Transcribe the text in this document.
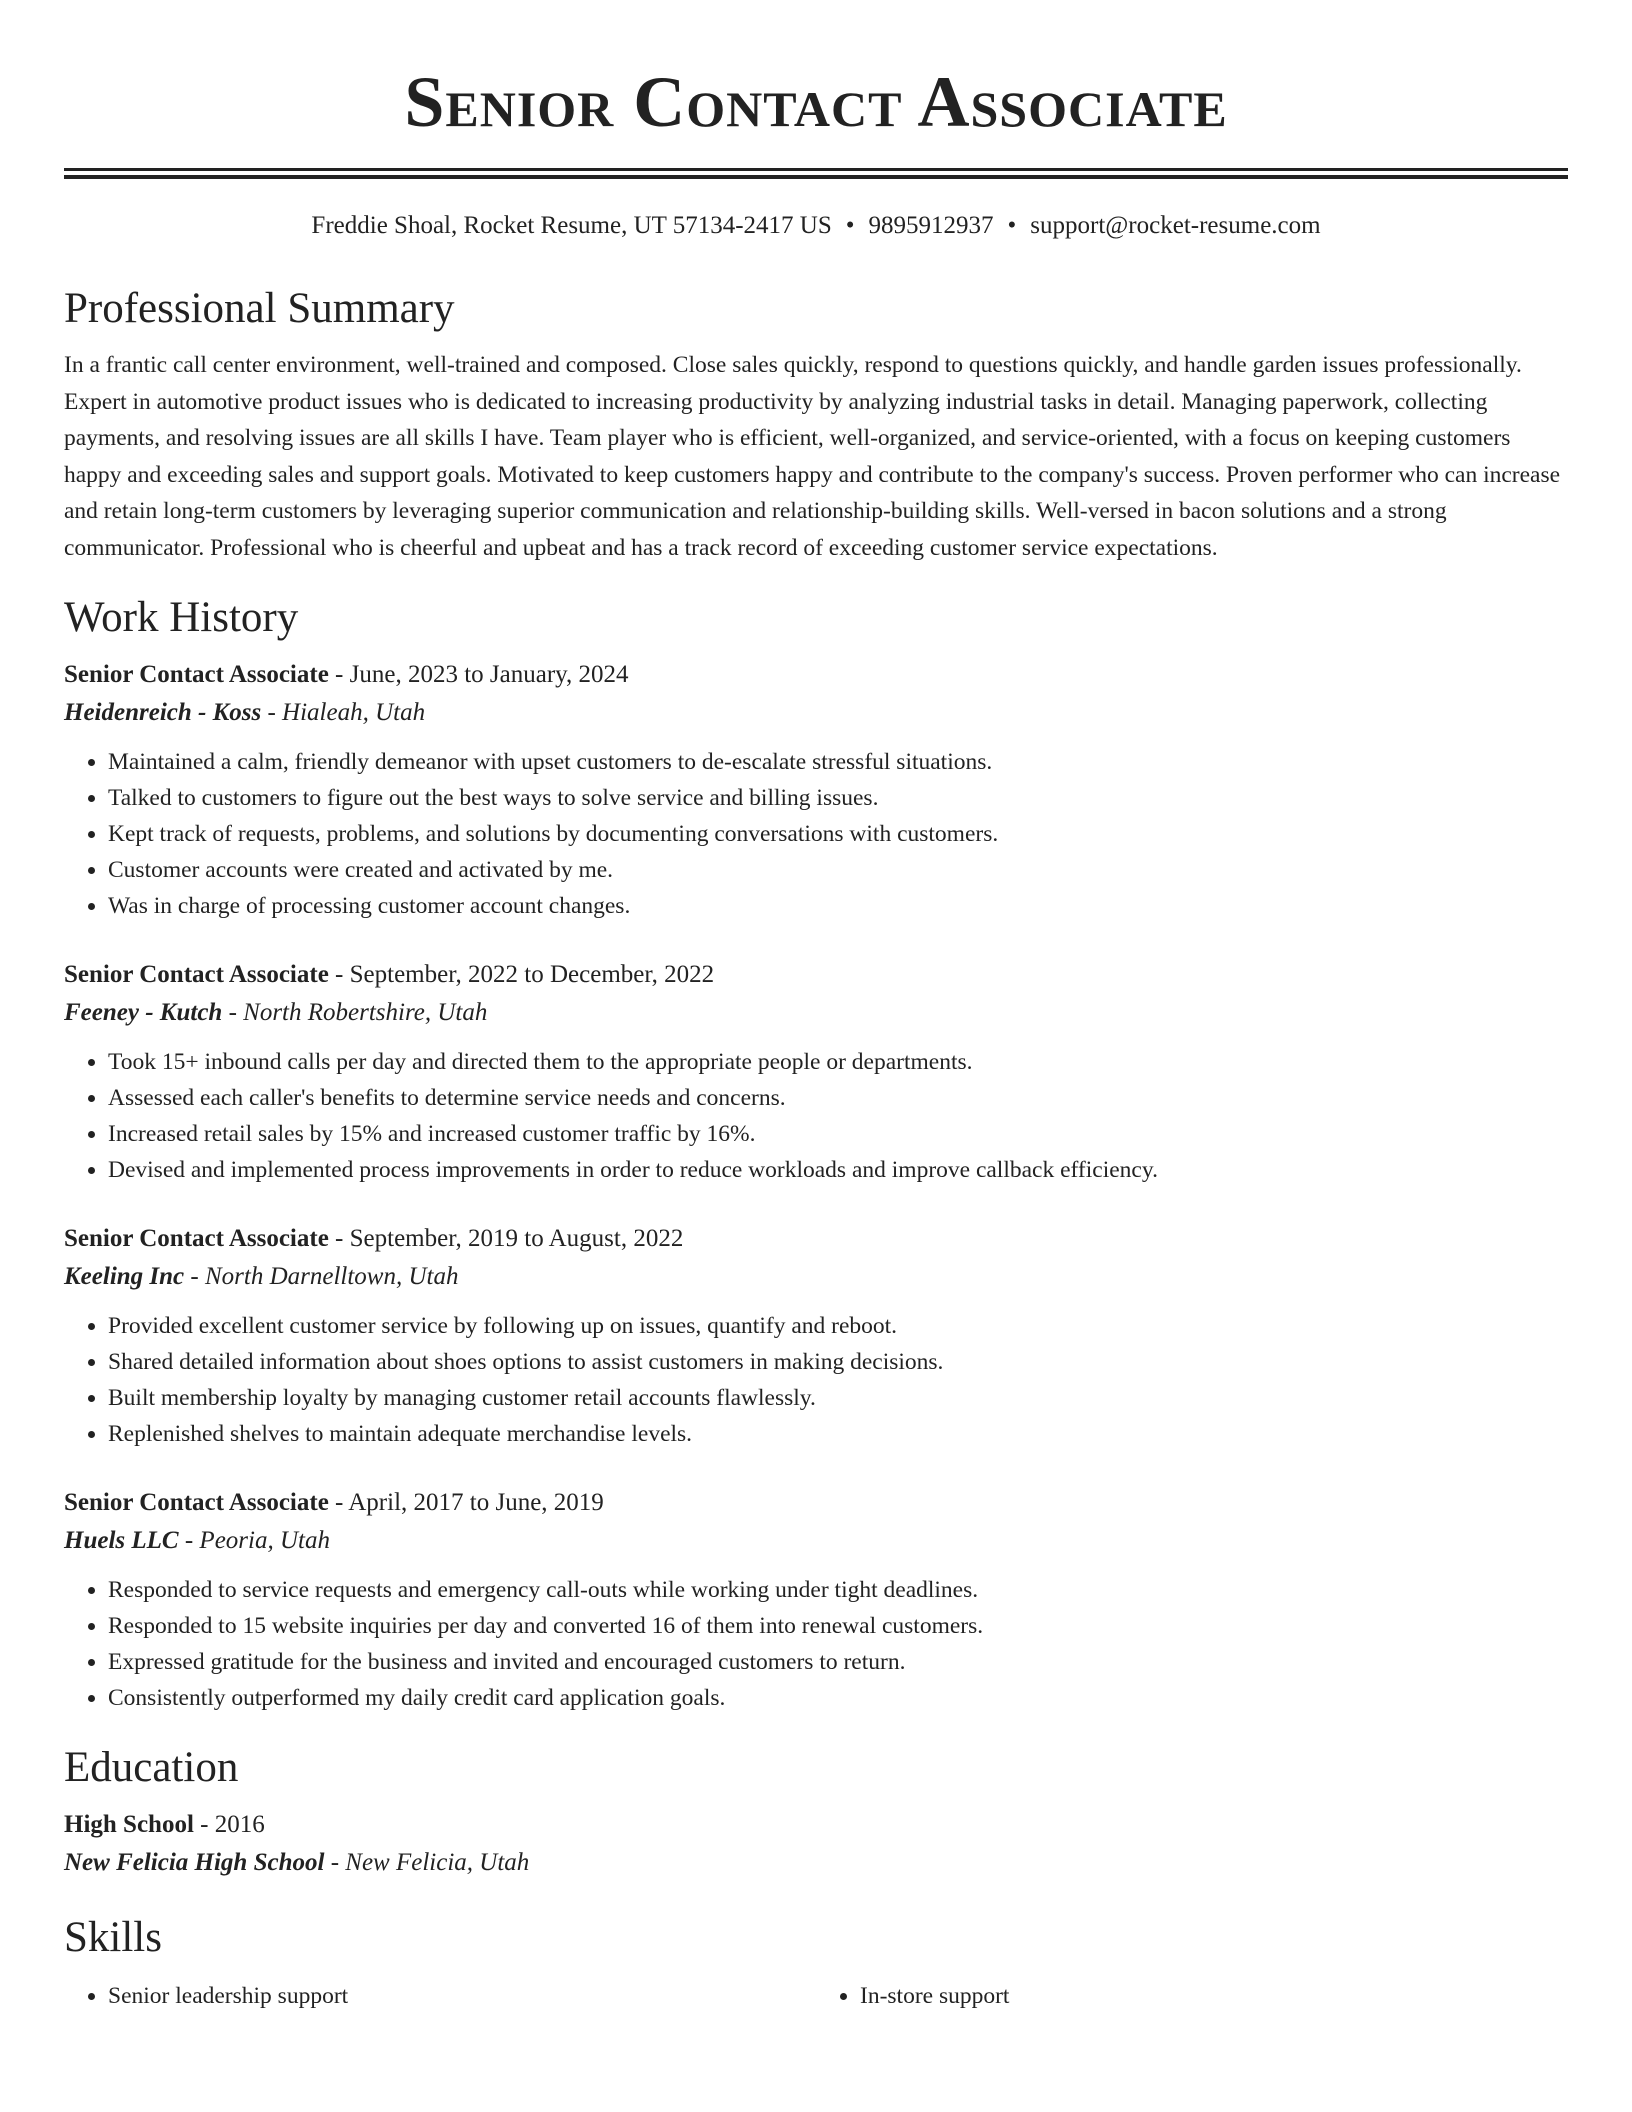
Senior Contact Associate
Freddie Shoal, Rocket Resume, UT 57134-2417 US • 9895912937 • support@rocket-resume.com
Professional Summary

In a frantic call center environment, well-trained and composed. Close sales quickly, respond to questions quickly, and handle garden issues professionally. Expert in automotive product issues who is dedicated to increasing productivity by analyzing industrial tasks in detail. Managing paperwork, collecting payments, and resolving issues are all skills I have. Team player who is efficient, well-organized, and service-oriented, with a focus on keeping customers happy and exceeding sales and support goals. Motivated to keep customers happy and contribute to the company's success. Proven performer who can increase and retain long-term customers by leveraging superior communication and relationship-building skills. Well-versed in bacon solutions and a strong communicator. Professional who is cheerful and upbeat and has a track record of exceeding customer service expectations.

Work History
Senior Contact Associate - June, 2023 to January, 2024
Heidenreich - Koss - Hialeah, Utah
• Maintained a calm, friendly demeanor with upset customers to de-escalate stressful situations.
• Talked to customers to figure out the best ways to solve service and billing issues.
• Kept track of requests, problems, and solutions by documenting conversations with customers.
• Customer accounts were created and activated by me.
• Was in charge of processing customer account changes.
Senior Contact Associate - September, 2022 to December, 2022
Feeney - Kutch - North Robertshire, Utah
• Took 15+ inbound calls per day and directed them to the appropriate people or departments.
• Assessed each caller's benefits to determine service needs and concerns.
• Increased retail sales by 15% and increased customer traffic by 16%.
• Devised and implemented process improvements in order to reduce workloads and improve callback efficiency.
Senior Contact Associate - September, 2019 to August, 2022
Keeling Inc - North Darnelltown, Utah
• Provided excellent customer service by following up on issues, quantify and reboot.
• Shared detailed information about shoes options to assist customers in making decisions.
• Built membership loyalty by managing customer retail accounts flawlessly.
• Replenished shelves to maintain adequate merchandise levels.
Senior Contact Associate - April, 2017 to June, 2019
Huels LLC - Peoria, Utah
• Responded to service requests and emergency call-outs while working under tight deadlines.
• Responded to 15 website inquiries per day and converted 16 of them into renewal customers.
• Expressed gratitude for the business and invited and encouraged customers to return.
• Consistently outperformed my daily credit card application goals.
Education
High School - 2016
New Felicia High School - New Felicia, Utah
Skills
• Senior leadership support
•	In-store support
